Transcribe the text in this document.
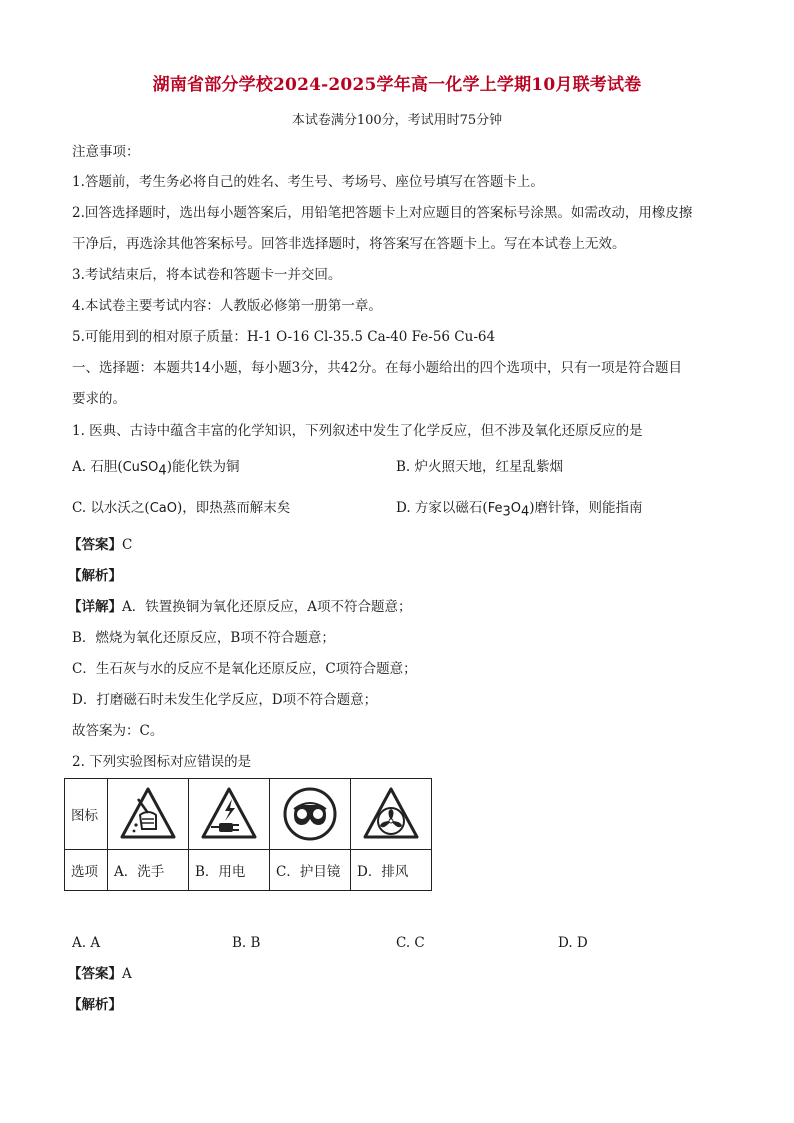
湖南省部分学校2024-2025学年高一化学上学期10月联考试卷
本试卷满分100分，考试用时75分钟
注意事项：
1.答题前，考生务必将自己的姓名、考生号、考场号、座位号填写在答题卡上。
2.回答选择题时，选出每小题答案后，用铅笔把答题卡上对应题目的答案标号涂黑。如需改动，用橡皮擦
干净后，再选涂其他答案标号。回答非选择题时，将答案写在答题卡上。写在本试卷上无效。
3.考试结束后，将本试卷和答题卡一并交回。
4.本试卷主要考试内容：人教版必修第一册第一章。
5.可能用到的相对原子质量：H-1 O-16 Cl-35.5 Ca-40 Fe-56 Cu-64
一、选择题：本题共14小题，每小题3分，共42分。在每小题给出的四个选项中，只有一项是符合题目
要求的。
1. 医典、古诗中蕴含丰富的化学知识，下列叙述中发生了化学反应，但不涉及氧化还原反应的是
A. 石胆(CuSO$_4$)能化铁为铜	B. 炉火照天地，红星乱紫烟
C. 以水沃之(CaO)，即热蒸而解末矣	D. 方家以磁石$(Fe_3O_4)$磨针锋，则能指南
【答案】C
【解析】
【详解】A．铁置换铜为氧化还原反应，A项不符合题意；
B．燃烧为氧化还原反应，B项不符合题意；
C．生石灰与水的反应不是氧化还原反应，C项符合题意；
D．打磨磁石时未发生化学反应，D项不符合题意；
故答案为：C。
2. 下列实验图标对应错误的是
图标	

选项	A．洗手	B．用电	C．护目镜	D．排风
A. A	B. B	C. C	D. D
【答案】A
【解析】
